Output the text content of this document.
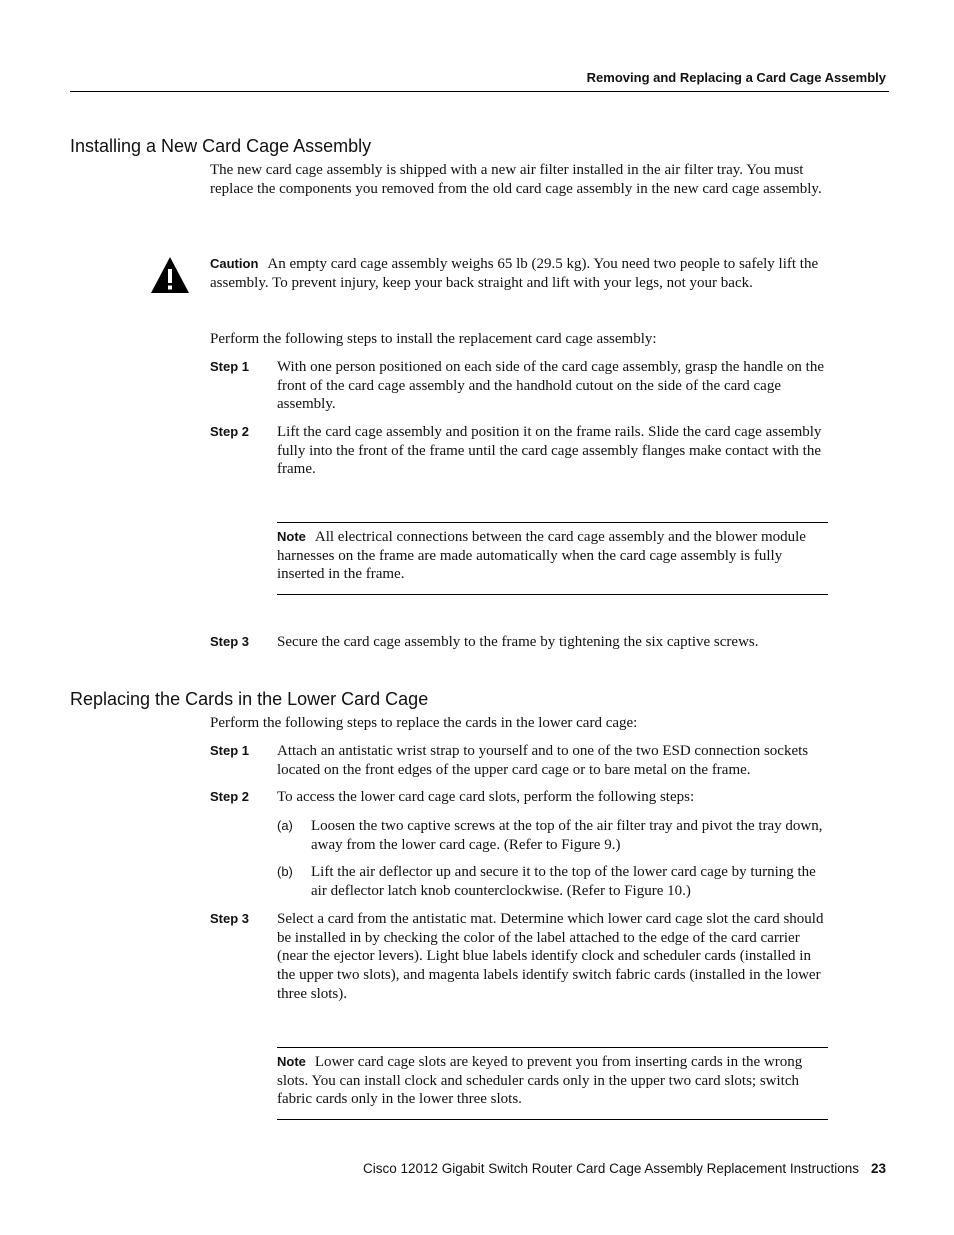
Removing and Replacing a Card Cage Assembly
Installing a New Card Cage Assembly

The new card cage assembly is shipped with a new air filter installed in the air filter tray. You must replace the components you removed from the old card cage assembly in the new card cage assembly.

Caution An empty card cage assembly weighs 65 lb (29.5 kg). You need two people to safely lift the assembly. To prevent injury, keep your back straight and lift with your legs, not your back.

Perform the following steps to install the replacement card cage assembly:

Step 1 With one person positioned on each side of the card cage assembly, grasp the handle on the front of the card cage assembly and the handhold cutout on the side of the card cage assembly.

Step 2 Lift the card cage assembly and position it on the frame rails. Slide the card cage assembly fully into the front of the frame until the card cage assembly flanges make contact with the frame.

Note All electrical connections between the card cage assembly and the blower module harnesses on the frame are made automatically when the card cage assembly is fully inserted in the frame.

Step 3 Secure the card cage assembly to the frame by tightening the six captive screws.

Replacing the Cards in the Lower Card Cage

Perform the following steps to replace the cards in the lower card cage:

Step 1 Attach an antistatic wrist strap to yourself and to one of the two ESD connection sockets located on the front edges of the upper card cage or to bare metal on the frame.

Step 2 To access the lower card cage card slots, perform the following steps:

(a) Loosen the two captive screws at the top of the air filter tray and pivot the tray down, away from the lower card cage. (Refer to Figure 9.)

(b) Lift the air deflector up and secure it to the top of the lower card cage by turning the air deflector latch knob counterclockwise. (Refer to Figure 10.)

Step 3 Select a card from the antistatic mat. Determine which lower card cage slot the card should be installed in by checking the color of the label attached to the edge of the card carrier (near the ejector levers). Light blue labels identify clock and scheduler cards (installed in the upper two slots), and magenta labels identify switch fabric cards (installed in the lower three slots).

Note Lower card cage slots are keyed to prevent you from inserting cards in the wrong slots. You can install clock and scheduler cards only in the upper two card slots; switch fabric cards only in the lower three slots.

Cisco 12012 Gigabit Switch Router Card Cage Assembly Replacement Instructions 23
